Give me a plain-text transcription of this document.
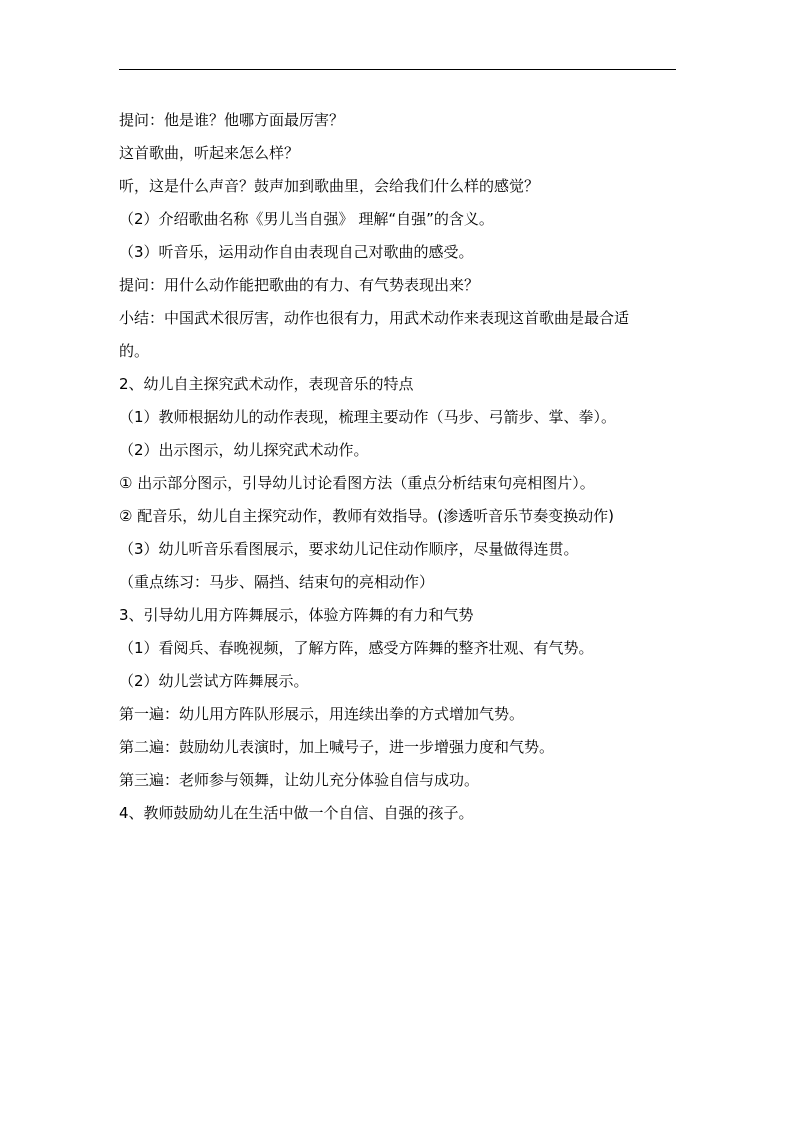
提问：他是谁？他哪方面最厉害？
这首歌曲，听起来怎么样？
听，这是什么声音？鼓声加到歌曲里，会给我们什么样的感觉？
（2）介绍歌曲名称《男儿当自强》 理解“自强”的含义。
（3）听音乐，运用动作自由表现自己对歌曲的感受。
提问：用什么动作能把歌曲的有力、有气势表现出来？
小结：中国武术很厉害，动作也很有力，用武术动作来表现这首歌曲是最合适
的。
2、幼儿自主探究武术动作，表现音乐的特点
（1）教师根据幼儿的动作表现，梳理主要动作（马步、弓箭步、掌、拳）。
（2）出示图示，幼儿探究武术动作。
① 出示部分图示，引导幼儿讨论看图方法（重点分析结束句亮相图片）。
② 配音乐，幼儿自主探究动作，教师有效指导。(渗透听音乐节奏变换动作)
（3）幼儿听音乐看图展示，要求幼儿记住动作顺序，尽量做得连贯。
（重点练习：马步、隔挡、结束句的亮相动作）
3、引导幼儿用方阵舞展示，体验方阵舞的有力和气势
（1）看阅兵、春晚视频，了解方阵，感受方阵舞的整齐壮观、有气势。
（2）幼儿尝试方阵舞展示。
第一遍：幼儿用方阵队形展示，用连续出拳的方式增加气势。
第二遍：鼓励幼儿表演时，加上喊号子，进一步增强力度和气势。
第三遍：老师参与领舞，让幼儿充分体验自信与成功。
4、教师鼓励幼儿在生活中做一个自信、自强的孩子。
